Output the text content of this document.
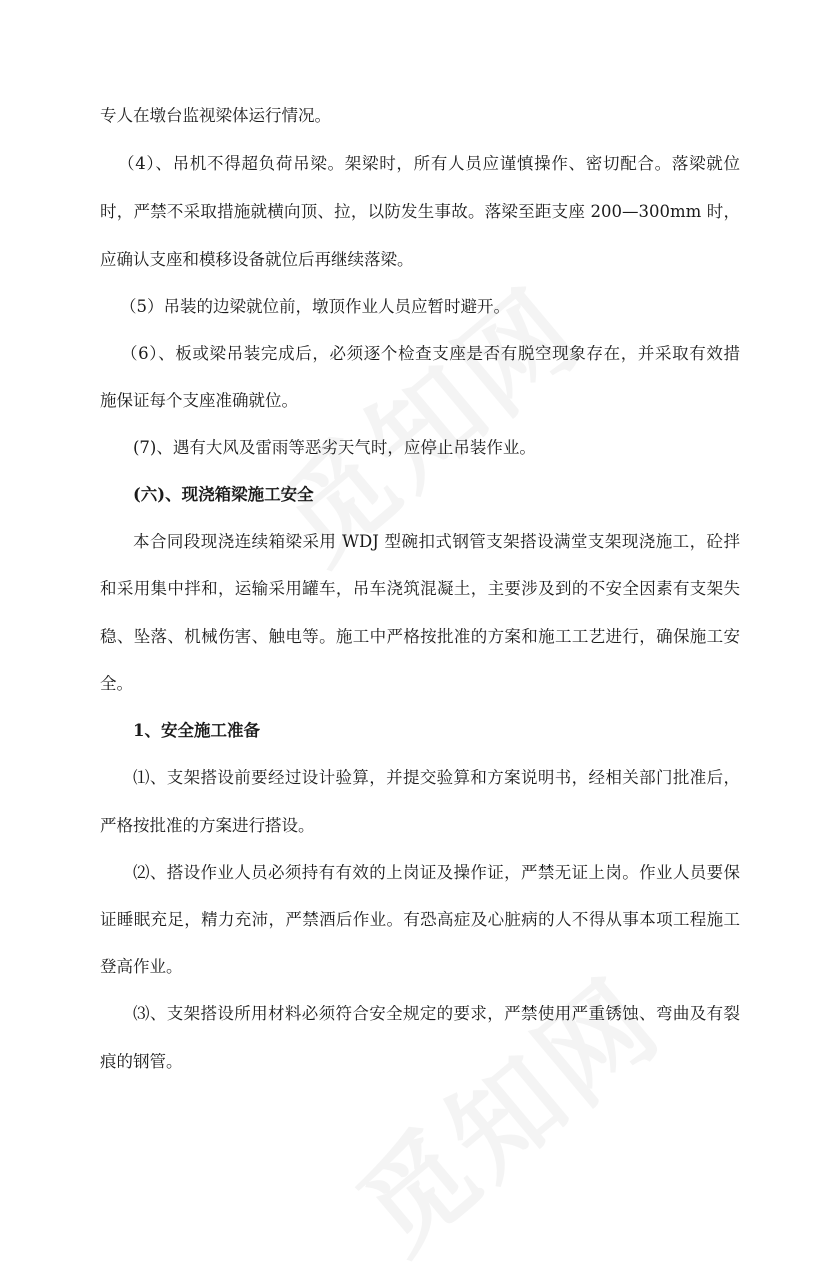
专人在墩台监视梁体运行情况。
（4）、吊机不得超负荷吊梁。架梁时，所有人员应谨慎操作、密切配合。落梁就位
时，严禁不采取措施就横向顶、拉，以防发生事故。落梁至距支座 200—300mm 时，
应确认支座和模移设备就位后再继续落梁。
（5）吊装的边梁就位前，墩顶作业人员应暂时避开。
（6）、板或梁吊装完成后，必须逐个检查支座是否有脱空现象存在，并采取有效措
施保证每个支座准确就位。
(7)、遇有大风及雷雨等恶劣天气时，应停止吊装作业。
(六)、现浇箱梁施工安全
本合同段现浇连续箱梁采用 WDJ 型碗扣式钢管支架搭设满堂支架现浇施工，砼拌
和采用集中拌和，运输采用罐车，吊车浇筑混凝土，主要涉及到的不安全因素有支架失
稳、坠落、机械伤害、触电等。施工中严格按批准的方案和施工工艺进行，确保施工安
全。
1、安全施工准备
⑴、支架搭设前要经过设计验算，并提交验算和方案说明书，经相关部门批准后，
严格按批准的方案进行搭设。
⑵、搭设作业人员必须持有有效的上岗证及操作证，严禁无证上岗。作业人员要保
证睡眠充足，精力充沛，严禁酒后作业。有恐高症及心脏病的人不得从事本项工程施工
登高作业。
⑶、支架搭设所用材料必须符合安全规定的要求，严禁使用严重锈蚀、弯曲及有裂
痕的钢管。
